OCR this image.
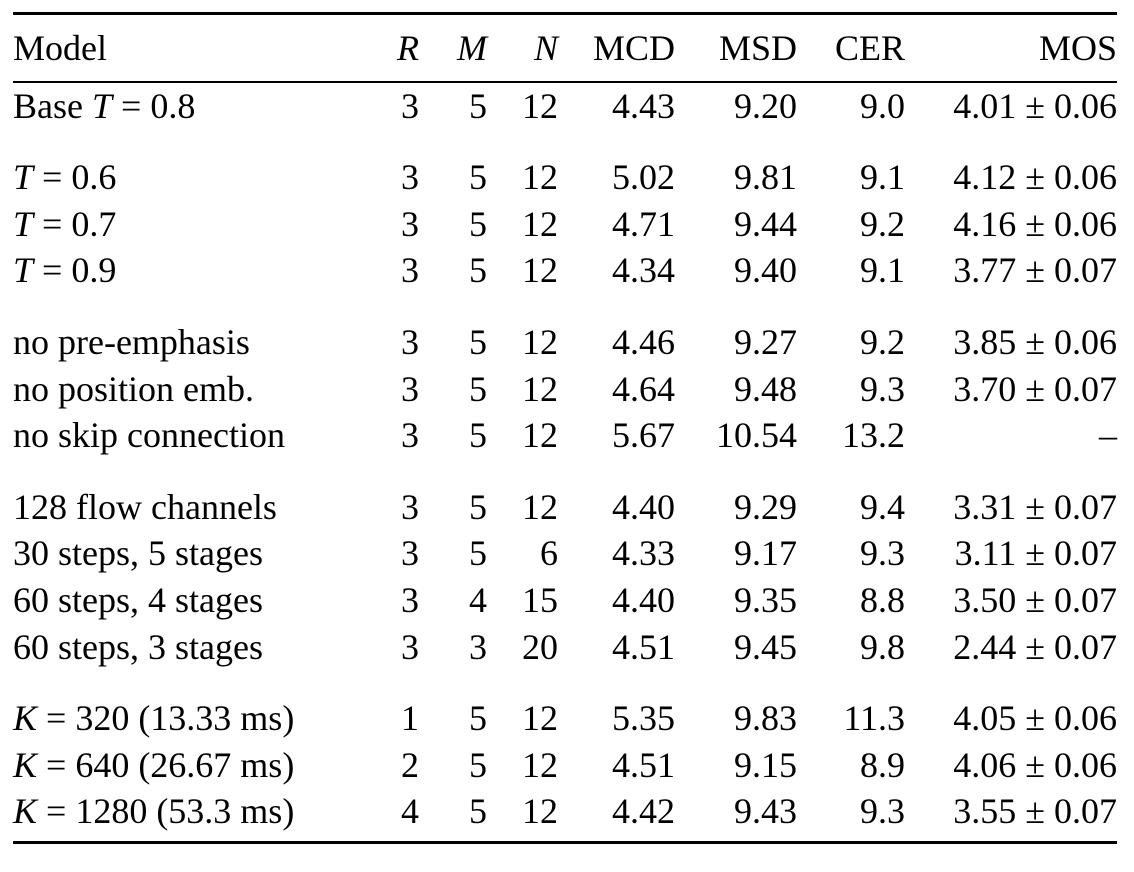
Model	R	M	N	MCD	MSD	CER	MOS
Base T = 0.8	3	5	12	4.43	9.20	9.0	4.01 ± 0.06
T = 0.6	3	5	12	5.02	9.81	9.1	4.12 ± 0.06
T = 0.7	3	5	12	4.71	9.44	9.2	4.16 ± 0.06
T = 0.9	3	5	12	4.34	9.40	9.1	3.77 ± 0.07
no pre-emphasis	3	5	12	4.46	9.27	9.2	3.85 ± 0.06
no position emb.	3	5	12	4.64	9.48	9.3	3.70 ± 0.07
no skip connection	3	5	12	5.67	10.54	13.2	–
128 flow channels	3	5	12	4.40	9.29	9.4	3.31 ± 0.07
30 steps, 5 stages	3	5	6	4.33	9.17	9.3	3.11 ± 0.07
60 steps, 4 stages	3	4	15	4.40	9.35	8.8	3.50 ± 0.07
60 steps, 3 stages	3	3	20	4.51	9.45	9.8	2.44 ± 0.07
K = 320 (13.33 ms)	1	5	12	5.35	9.83	11.3	4.05 ± 0.06
K = 640 (26.67 ms)	2	5	12	4.51	9.15	8.9	4.06 ± 0.06
K = 1280 (53.3 ms)	4	5	12	4.42	9.43	9.3	3.55 ± 0.07
